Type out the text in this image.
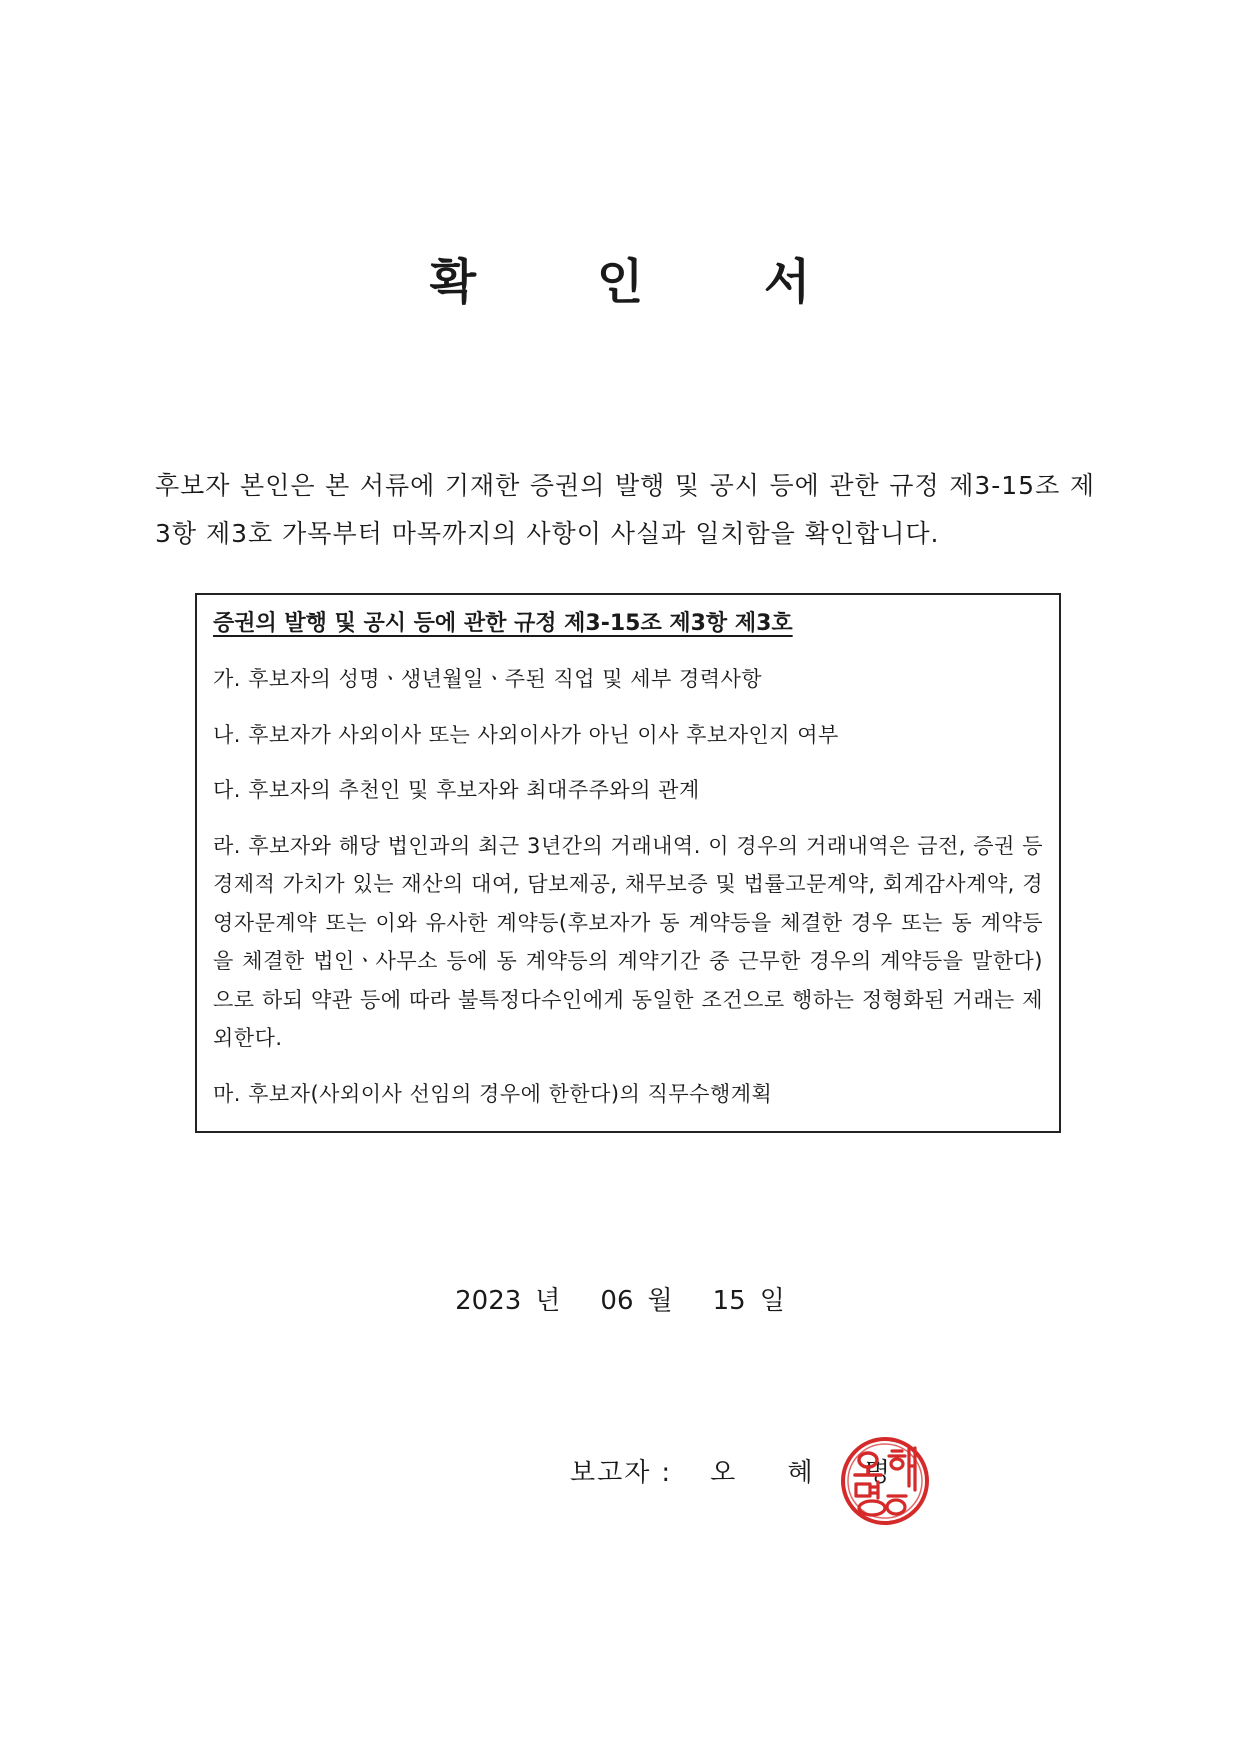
확 인 서
후보자 본인은 본 서류에 기재한 증권의 발행 및 공시 등에 관한 규정 제3-15조 제3항 제3호 가목부터 마목까지의 사항이 사실과 일치함을 확인합니다.
증권의 발행 및 공시 등에 관한 규정 제3-15조 제3항 제3호
가. 후보자의 성명ㆍ생년월일ㆍ주된 직업 및 세부 경력사항
나. 후보자가 사외이사 또는 사외이사가 아닌 이사 후보자인지 여부
다. 후보자의 추천인 및 후보자와 최대주주와의 관계
라. 후보자와 해당 법인과의 최근 3년간의 거래내역. 이 경우의 거래내역은 금전, 증권 등 경제적 가치가 있는 재산의 대여, 담보제공, 채무보증 및 법률고문계약, 회계감사계약, 경영자문계약 또는 이와 유사한 계약등(후보자가 동 계약등을 체결한 경우 또는 동 계약등을 체결한 법인ㆍ사무소 등에 동 계약등의 계약기간 중 근무한 경우의 계약등을 말한다)으로 하되 약관 등에 따라 불특정다수인에게 동일한 조건으로 행하는 정형화된 거래는 제외한다.
마. 후보자(사외이사 선임의 경우에 한한다)의 직무수행계획
2023 년 06 월 15 일
보고자 : 오 혜 명
